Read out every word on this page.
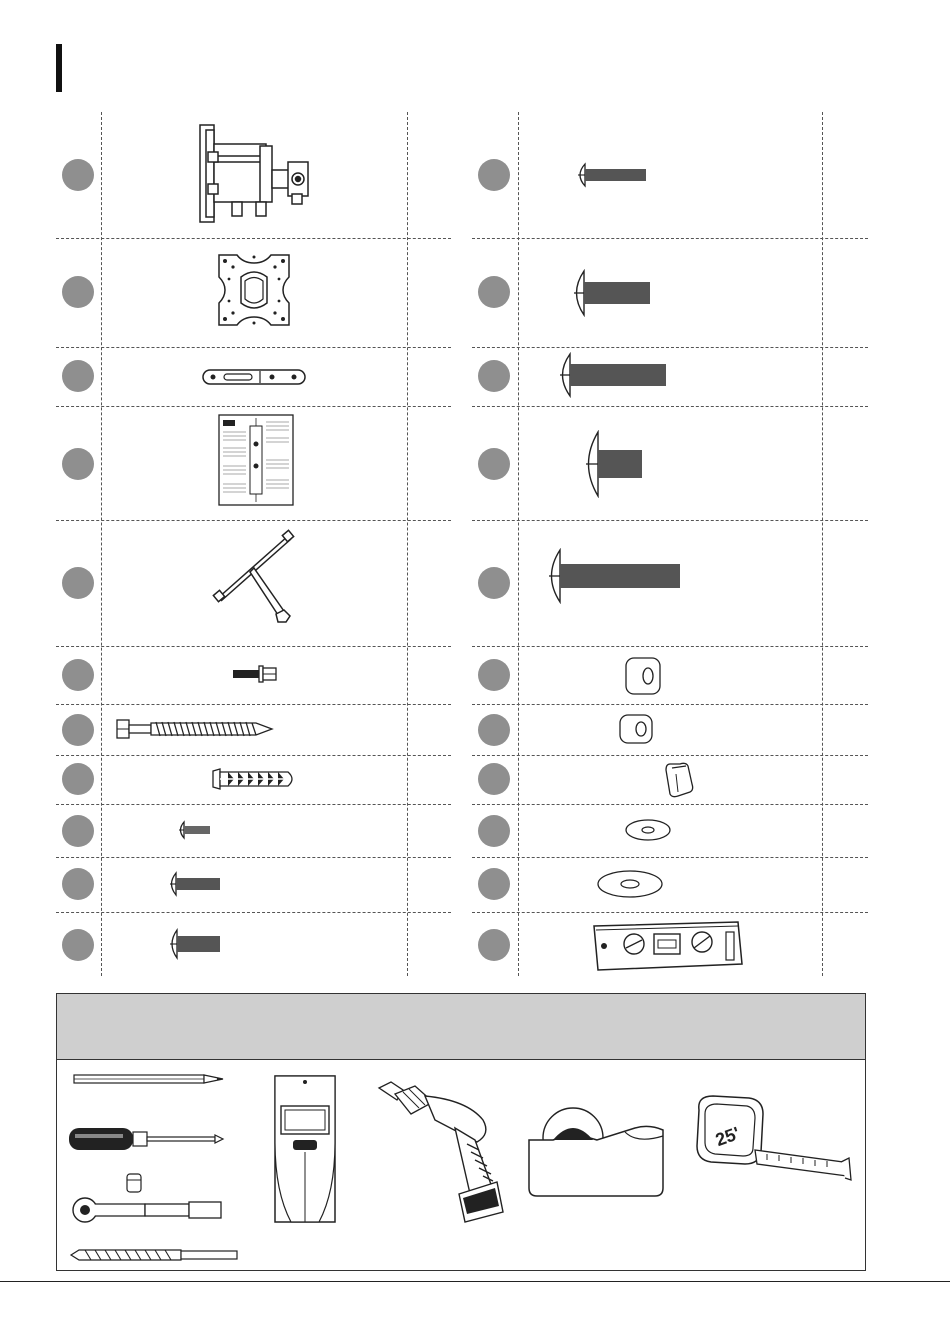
25'
